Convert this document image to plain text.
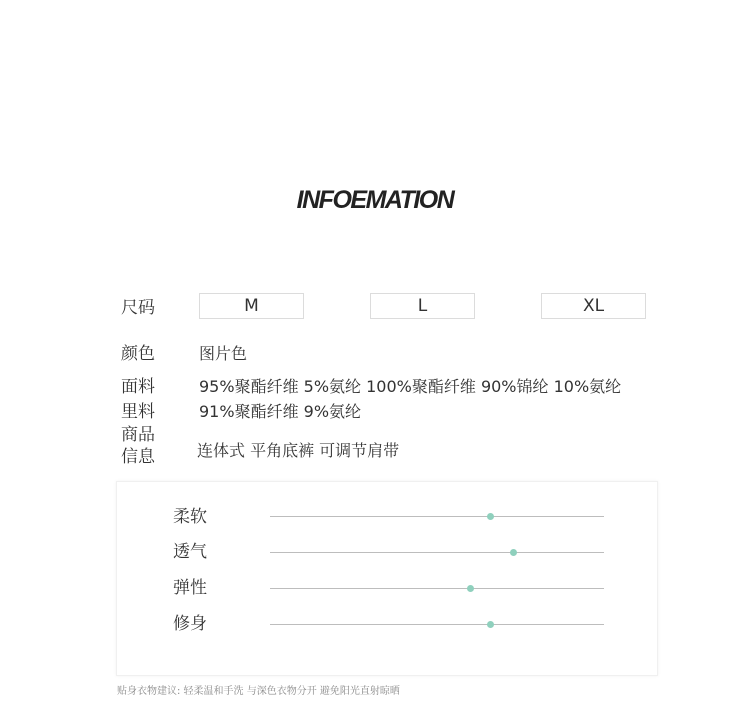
INFOEMATION
尺码	M	L	XL
颜色	图片色
面料	95%聚酯纤维 5%氨纶 100%聚酯纤维 90%锦纶 10%氨纶
里料	91%聚酯纤维 9%氨纶
商品
信息	连体式 平角底裤 可调节肩带
柔软
透气
弹性
修身
贴身衣物建议: 轻柔温和手洗 与深色衣物分开 避免阳光直射晾晒
